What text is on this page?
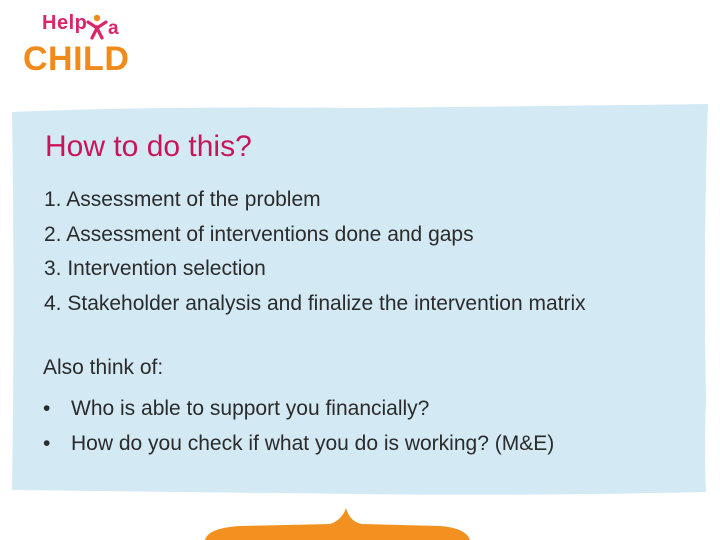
Help a
CHILD
How to do this?
1. Assessment of the problem
2. Assessment of interventions done and gaps
3. Intervention selection
4. Stakeholder analysis and finalize the intervention matrix

Also think of:

• Who is able to support you financially?
• How do you check if what you do is working? (M&E)
